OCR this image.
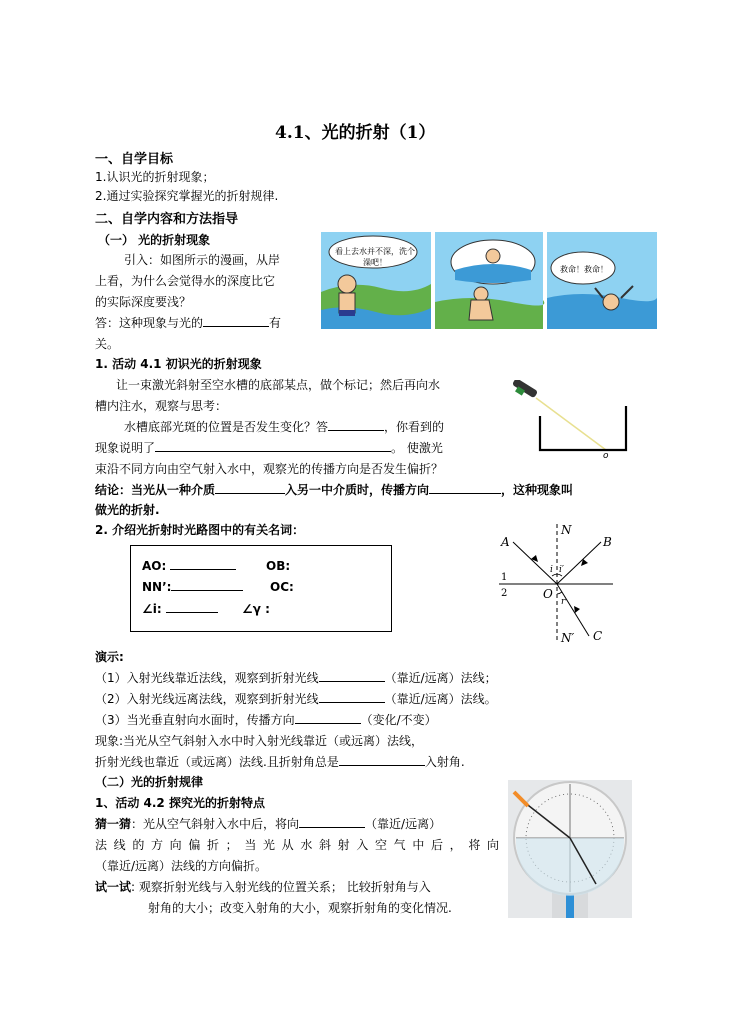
4.1、光的折射（1）
一、自学目标
1.认识光的折射现象；
2.通过实验探究掌握光的折射规律.
二、自学内容和方法指导
（一） 光的折射现象
引入：如图所示的漫画，从岸
上看，为什么会觉得水的深度比它
的实际深度要浅？
答：这种现象与光的	有
关。
看上去水并不深，洗个澡吧！
救命！救命！
1. 活动 4.1 初识光的折射现象
让一束激光斜射至空水槽的底部某点，做个标记；然后再向水
槽内注水，观察与思考：
水槽底部光斑的位置是否发生变化？答	，你看到的
现象说明了	。 使激光
束沿不同方向由空气射入水中，观察光的传播方向是否发生偏折？
结论：当光从一种介质	入另一中介质时，传播方向	，这种现象叫
做光的折射.
o
2. 介绍光折射时光路图中的有关名词：
AO:	OB:
NN’:	OC:
∠i:	∠γ :
A	B
C
N
N′
O
i i′
r
1
2
演示:
（1）入射光线靠近法线，观察到折射光线	（靠近/远离）法线；
（2）入射光线远离法线，观察到折射光线	（靠近/远离）法线。
（3）当光垂直射向水面时，传播方向	（变化/不变）
现象:当光从空气斜射入水中时入射光线靠近（或远离）法线，
折射光线也靠近（或远离）法线.且折射角总是	入射角.
（二）光的折射规律
1、活动 4.2 探究光的折射特点
猜一猜：光从空气斜射入水中后，将向	（靠近/远离）
法线的方向偏折；当光从水斜射入空气中后，将向
（靠近/远离）法线的方向偏折。
试一试: 观察折射光线与入射光线的位置关系； 比较折射角与入
射角的大小；改变入射角的大小，观察折射角的变化情况.
